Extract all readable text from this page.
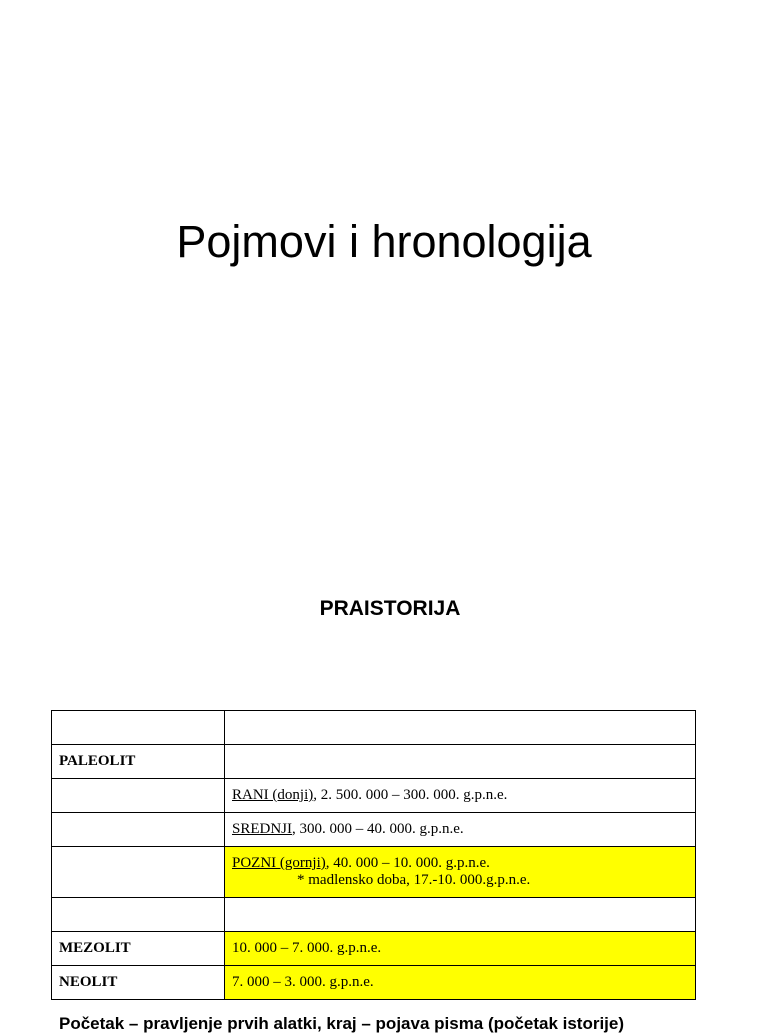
Pojmovi i hronologija
PRAISTORIJA

PALEOLIT	
	RANI (donji), 2. 500. 000 – 300. 000. g.p.n.e.
	SREDNJI, 300. 000 – 40. 000. g.p.n.e.

	POZNI (gornji), 40. 000 – 10. 000. g.p.n.e.
* madlensko doba, 17.-10. 000.g.p.n.e.

MEZOLIT	10. 000 – 7. 000. g.p.n.e.
NEOLIT	7. 000 – 3. 000. g.p.n.e.
Početak – pravljenje prvih alatki, kraj – pojava pisma (početak istorije)
